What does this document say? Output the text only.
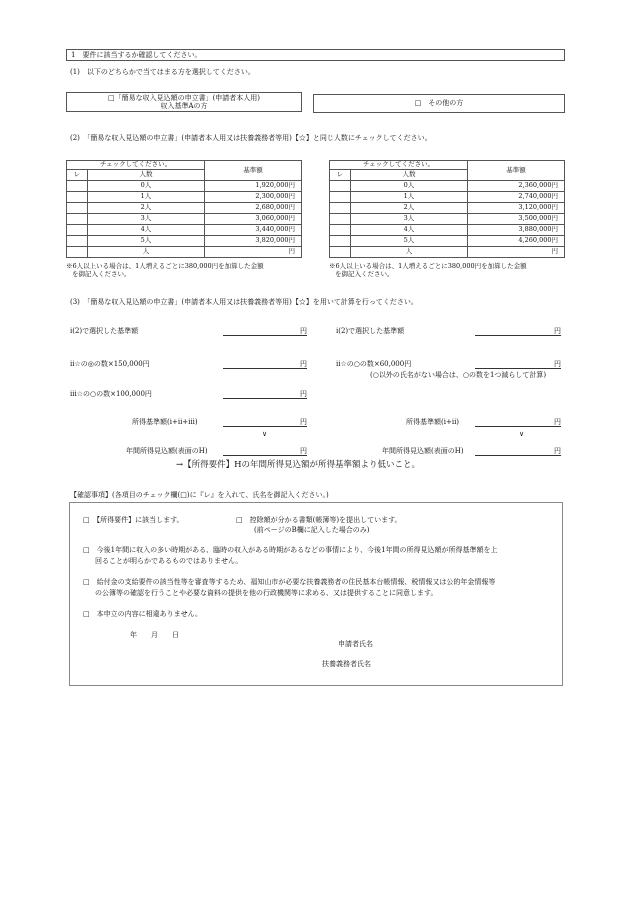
1　要件に該当するか確認してください。
(1)　以下のどちらかで当てはまる方を選択してください。
□「簡易な収入見込額の申立書」(申請者本人用)
収入基準Aの方	□　その他の方
(2)　「簡易な収入見込額の申立書」(申請者本人用又は扶養義務者等用)【☆】と同じ人数にチェックしてください。
チェックしてください。		基準額
レ	人数	
	0人	1,920,000円
	1人	2,300,000円
	2人	2,680,000円
	3人	3,060,000円
	4人	3,440,000円
	5人	3,820,000円
	人	円
チェックしてください。		基準額
レ	人数	
	0人	2,360,000円
	1人	2,740,000円
	2人	3,120,000円
	3人	3,500,000円
	4人	3,880,000円
	5人	4,260,000円
	人	円
※6人以上いる場合は、1人増えるごとに380,000円を加算した金額
を御記入ください。
※6人以上いる場合は、1人増えるごとに380,000円を加算した金額
を御記入ください。
(3)　「簡易な収入見込額の申立書」(申請者本人用又は扶養義務者等用)【☆】を用いて計算を行ってください。
i(2)で選択した基準額	円
ii☆の◎の数×150,000円	円
iii☆の○の数×100,000円	円
所得基準額(i+ii+iii)	円
∨
年間所得見込額(表面のH)	円
i(2)で選択した基準額	円
ii☆の○の数×60,000円	円
(○以外の氏名がない場合は、○の数を1つ減らして計算)
所得基準額(i+ii)	円
∨
年間所得見込額(表面のH)	円
→【所得要件】Hの年間所得見込額が所得基準額より低いこと。
【確認事項】(各項目のチェック欄(□)に『レ』を入れて、氏名を御記入ください。)
□　【所得要件】に該当します。	□　控除額が分かる書類(帳簿等)を提出しています。
(前ページのB欄に記入した場合のみ)
□　今後1年間に収入の多い時期がある、臨時の収入がある時期があるなどの事情により、今後1年間の所得見込額が所得基準額を上
回ることが明らかであるものではありません。
□　給付金の支給要件の該当性等を審査等するため、福知山市が必要な扶養義務者の住民基本台帳情報、税情報又は公的年金情報等
の公簿等の確認を行うことや必要な資料の提供を他の行政機関等に求める、又は提供することに同意します。
□　本申立の内容に相違ありません。
年　　月　　日
申請者氏名
扶養義務者氏名
